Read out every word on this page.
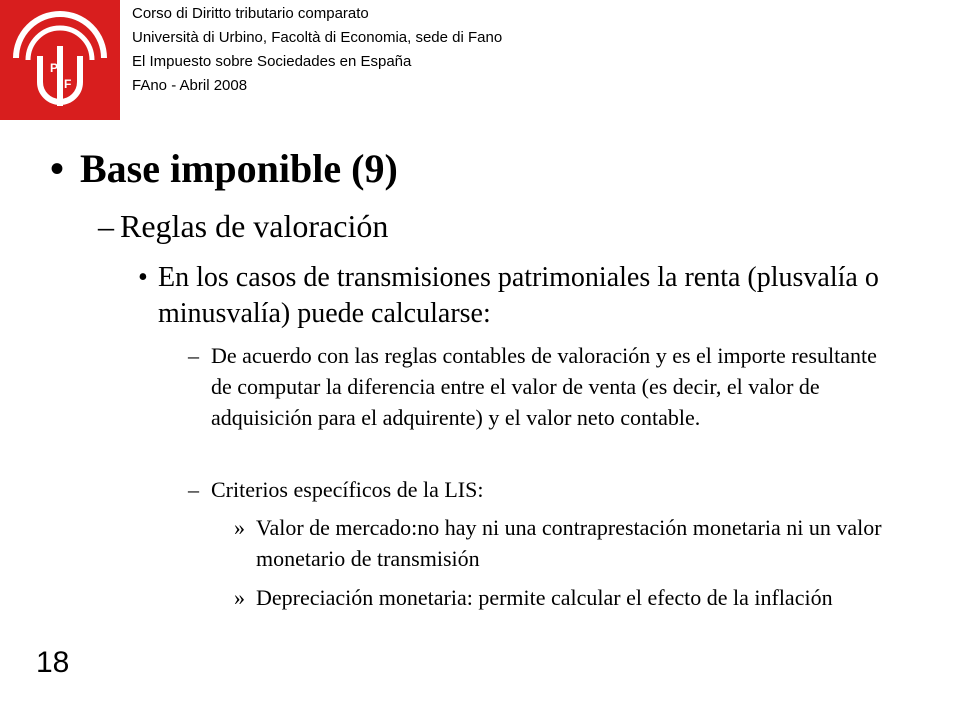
P
F
Corso di Diritto tributario comparato
Università di Urbino, Facoltà di Economia, sede di Fano
El Impuesto sobre Sociedades en España
FAno - Abril 2008
• Base imponible (9)
– Reglas de valoración
• En los casos de transmisiones patrimoniales la renta (plusvalía o minusvalía) puede calcularse:
– De acuerdo con las reglas contables de valoración y es el importe resultante de computar la diferencia entre el valor de venta (es decir, el valor de adquisición para el adquirente) y el valor neto contable.
– Criterios específicos de la LIS:
» Valor de mercado:no hay ni una contraprestación monetaria ni un valor monetario de transmisión
» Depreciación monetaria: permite calcular el efecto de la inflación
18
